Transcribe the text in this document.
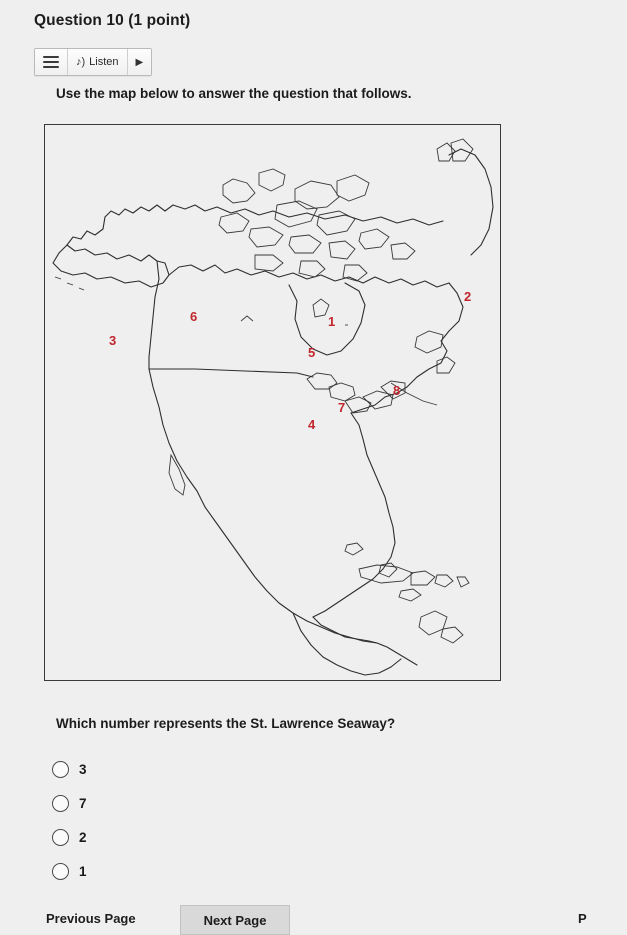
Question 10 (1 point)
♪) Listen ▶
Use the map below to answer the question that follows.
1
2
3
4
5
6
7
8
Which number represents the St. Lawrence Seaway?
3
7
2
1
Previous Page	Next Page	P
